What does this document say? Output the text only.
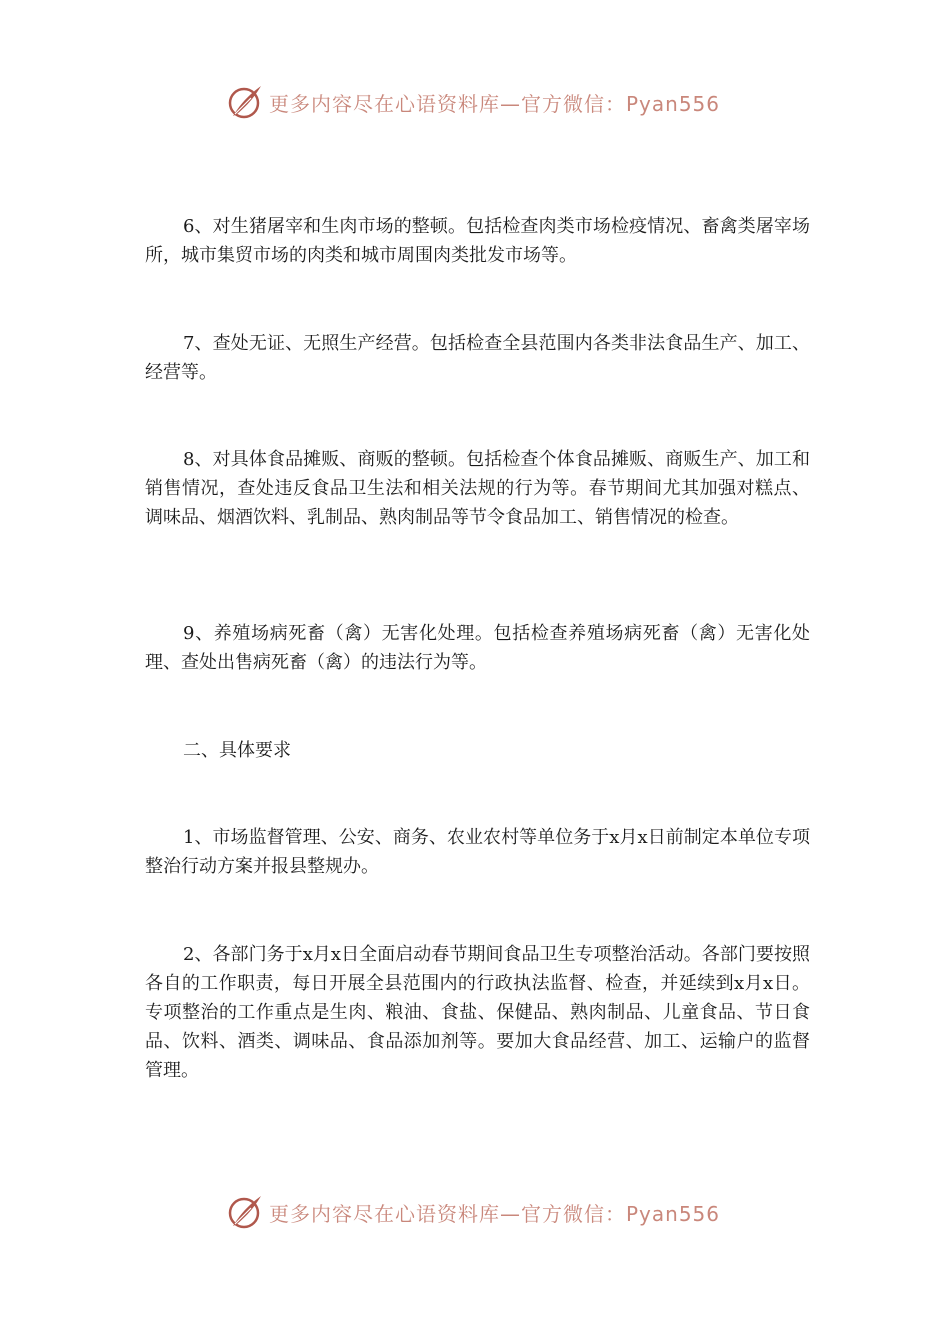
更多内容尽在心语资料库—官方微信：Pyan556

6、对生猪屠宰和生肉市场的整顿。包括检查肉类市场检疫情况、畜禽类屠宰场所，城市集贸市场的肉类和城市周围肉类批发市场等。

7、查处无证、无照生产经营。包括检查全县范围内各类非法食品生产、加工、经营等。

8、对具体食品摊贩、商贩的整顿。包括检查个体食品摊贩、商贩生产、加工和销售情况，查处违反食品卫生法和相关法规的行为等。春节期间尤其加强对糕点、调味品、烟酒饮料、乳制品、熟肉制品等节令食品加工、销售情况的检查。

9、养殖场病死畜（禽）无害化处理。包括检查养殖场病死畜（禽）无害化处理、查处出售病死畜（禽）的违法行为等。

二、具体要求

1、市场监督管理、公安、商务、农业农村等单位务于x月x日前制定本单位专项整治行动方案并报县整规办。

2、各部门务于x月x日全面启动春节期间食品卫生专项整治活动。各部门要按照各自的工作职责，每日开展全县范围内的行政执法监督、检查，并延续到x月x日。专项整治的工作重点是生肉、粮油、食盐、保健品、熟肉制品、儿童食品、节日食品、饮料、酒类、调味品、食品添加剂等。要加大食品经营、加工、运输户的监督管理。

更多内容尽在心语资料库—官方微信：Pyan556
